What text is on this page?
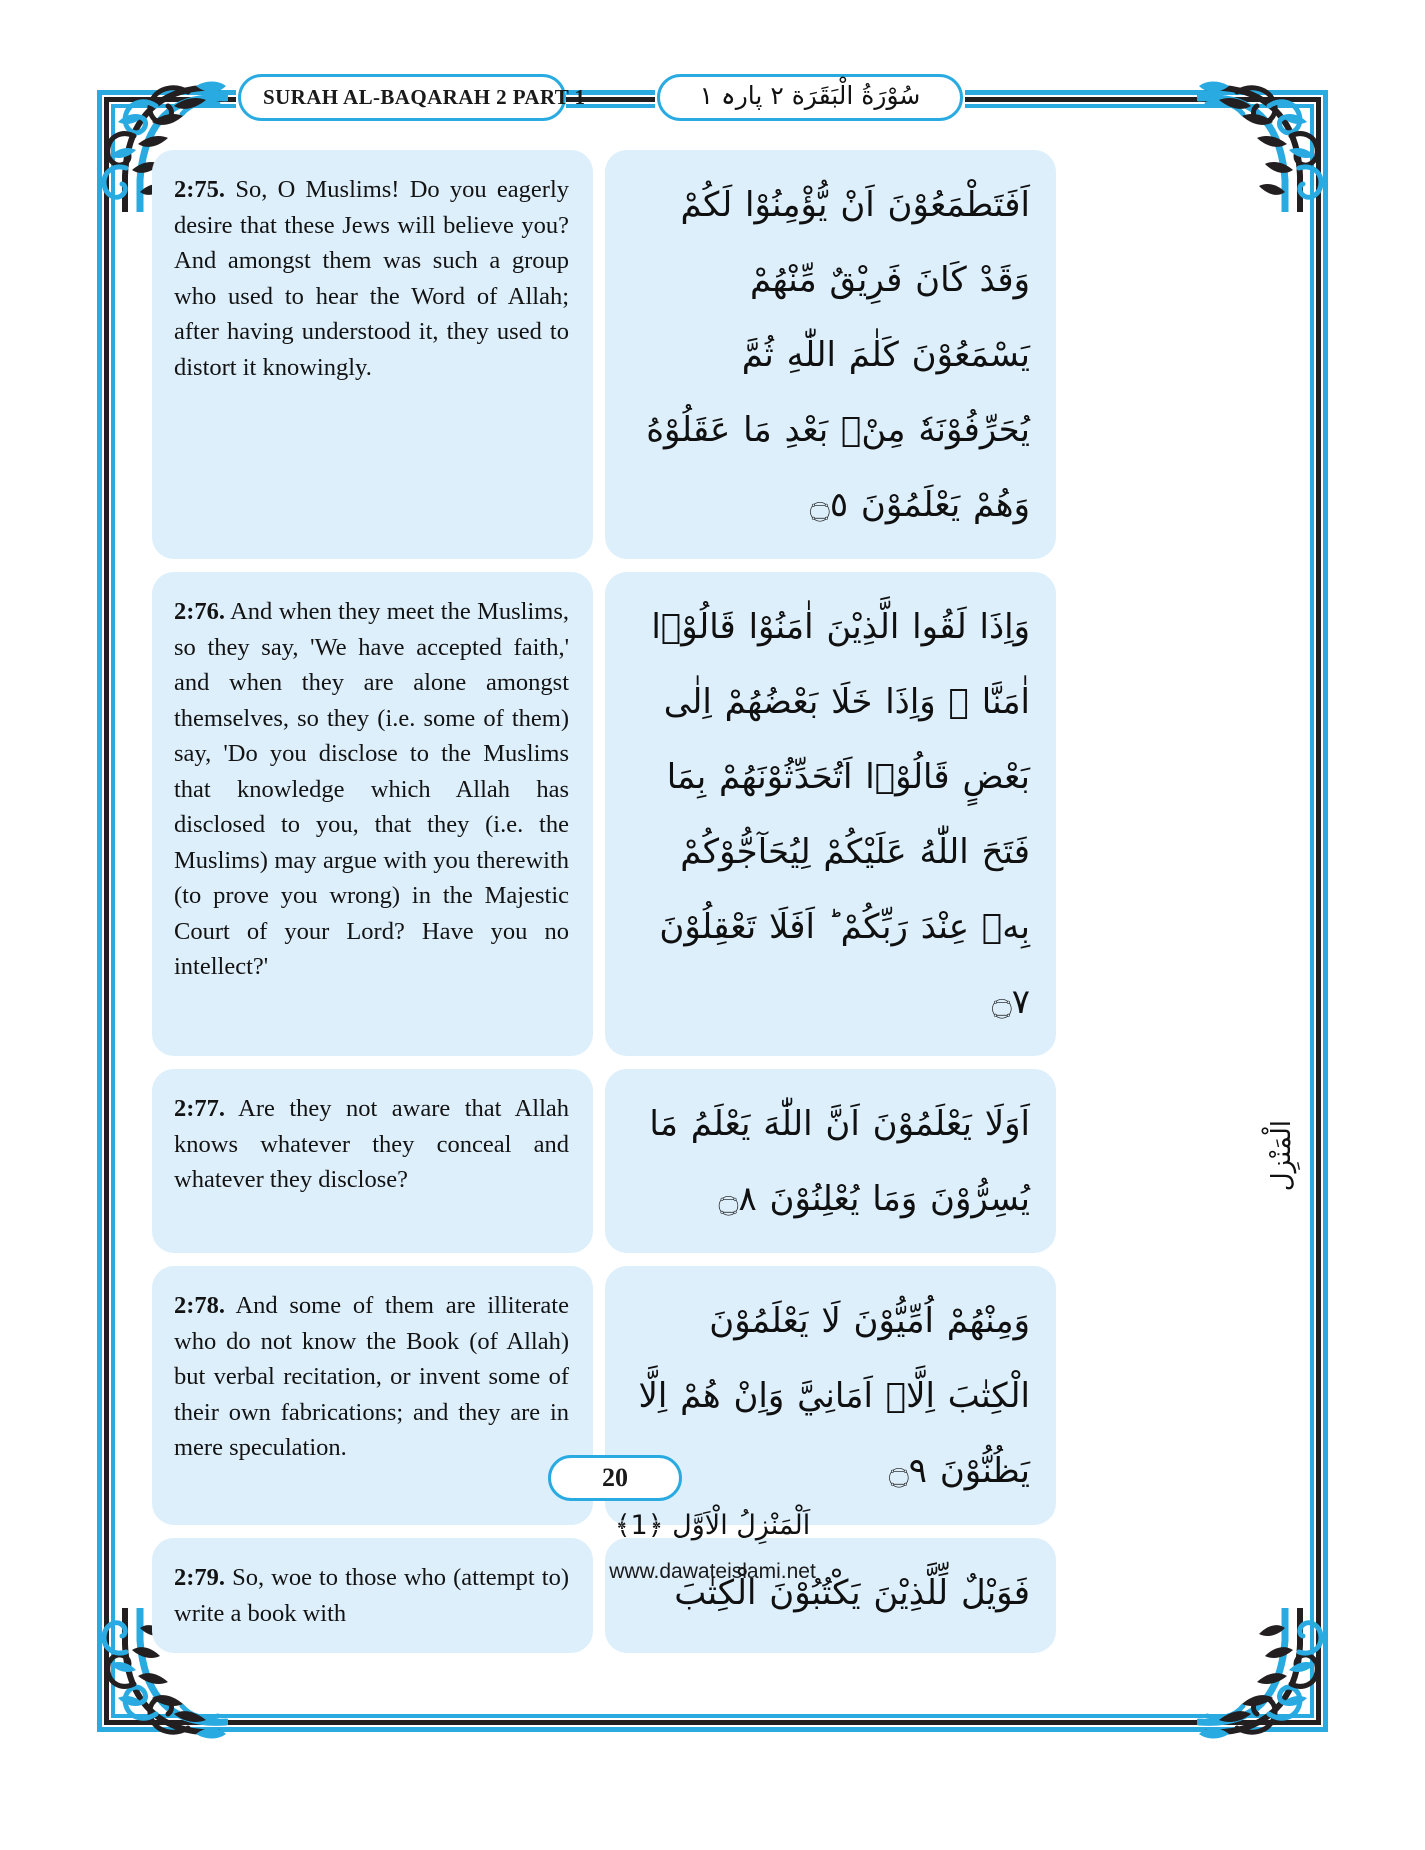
SURAH AL-BAQARAH 2 PART 1	سُوْرَةُ الْبَقَرَة ٢ پارہ ١

2:75. So, O Muslims! Do you eagerly desire that these Jews will believe you? And amongst them was such a group who used to hear the Word of Allah; after having understood it, they used to distort it knowingly.

اَفَتَطْمَعُوْنَ اَنْ يُّؤْمِنُوْا لَكُمْ وَقَدْ كَانَ فَرِيْقٌ مِّنْهُمْ يَسْمَعُوْنَ كَلٰمَ اللّٰهِ ثُمَّ يُحَرِّفُوْنَهٗ مِنْۢ بَعْدِ مَا عَقَلُوْهُ وَهُمْ يَعْلَمُوْنَ ۝٥

2:76. And when they meet the Muslims, so they say, 'We have accepted faith,' and when they are alone amongst themselves, so they (i.e. some of them) say, 'Do you disclose to the Muslims that knowledge which Allah has disclosed to you, that they (i.e. the Muslims) may argue with you therewith (to prove you wrong) in the Majestic Court of your Lord? Have you no intellect?'

وَاِذَا لَقُوا الَّذِيْنَ اٰمَنُوْا قَالُوْۤا اٰمَنَّا ۚ وَاِذَا خَلَا بَعْضُهُمْ اِلٰى بَعْضٍ قَالُوْۤا اَتُحَدِّثُوْنَهُمْ بِمَا فَتَحَ اللّٰهُ عَلَيْكُمْ لِيُحَآجُّوْكُمْ بِهٖ عِنْدَ رَبِّكُمْ ؕ اَفَلَا تَعْقِلُوْنَ ۝٧

2:77. Are they not aware that Allah knows whatever they conceal and whatever they disclose?

اَوَلَا يَعْلَمُوْنَ اَنَّ اللّٰهَ يَعْلَمُ مَا يُسِرُّوْنَ وَمَا يُعْلِنُوْنَ ۝٨

2:78. And some of them are illiterate who do not know the Book (of Allah) but verbal recitation, or invent some of their own fabrications; and they are in mere speculation.

وَمِنْهُمْ اُمِّيُّوْنَ لَا يَعْلَمُوْنَ الْكِتٰبَ اِلَّاۤ اَمَانِيَّ وَاِنْ هُمْ اِلَّا يَظُنُّوْنَ ۝٩

2:79. So, woe to those who (attempt to) write a book with	فَوَيْلٌ لِّلَّذِيْنَ يَكْتُبُوْنَ الْكِتٰبَ

الْمَنْزِل
20
اَلْمَنْزِلُ الْاَوَّل ﴿1﴾
www.dawateislami.net
